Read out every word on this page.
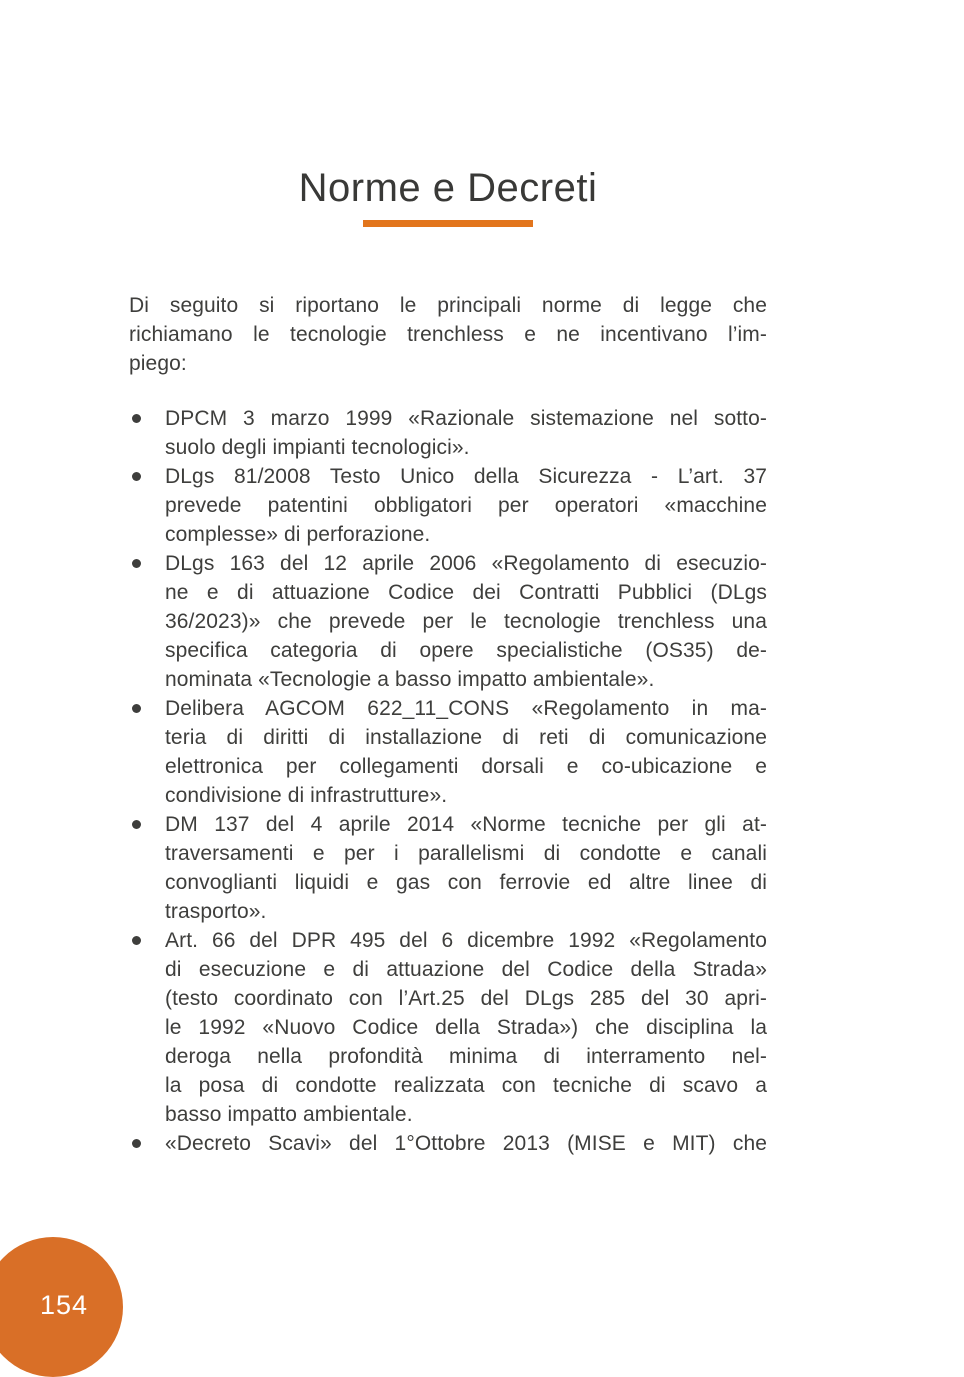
Norme e Decreti
Di seguito si riportano le principali norme di legge che
richiamano le tecnologie trenchless e ne incentivano l’im-
piego:
DPCM 3 marzo 1999 «Razionale sistemazione nel sotto-
suolo degli impianti tecnologici».
DLgs 81/2008 Testo Unico della Sicurezza - L’art. 37
prevede patentini obbligatori per operatori «macchine
complesse» di perforazione.
DLgs 163 del 12 aprile 2006 «Regolamento di esecuzio-
ne e di attuazione Codice dei Contratti Pubblici (DLgs
36/2023)» che prevede per le tecnologie trenchless una
specifica categoria di opere specialistiche (OS35) de-
nominata «Tecnologie a basso impatto ambientale».
Delibera AGCOM 622_11_CONS «Regolamento in ma-
teria di diritti di installazione di reti di comunicazione
elettronica per collegamenti dorsali e co-ubicazione e
condivisione di infrastrutture».
DM 137 del 4 aprile 2014 «Norme tecniche per gli at-
traversamenti e per i parallelismi di condotte e canali
convoglianti liquidi e gas con ferrovie ed altre linee di
trasporto».
Art. 66 del DPR 495 del 6 dicembre 1992 «Regolamento
di esecuzione e di attuazione del Codice della Strada»
(testo coordinato con l’Art.25 del DLgs 285 del 30 apri-
le 1992 «Nuovo Codice della Strada») che disciplina la
deroga nella profondità minima di interramento nel-
la posa di condotte realizzata con tecniche di scavo a
basso impatto ambientale.
«Decreto Scavi» del 1°Ottobre 2013 (MISE e MIT) che
154
